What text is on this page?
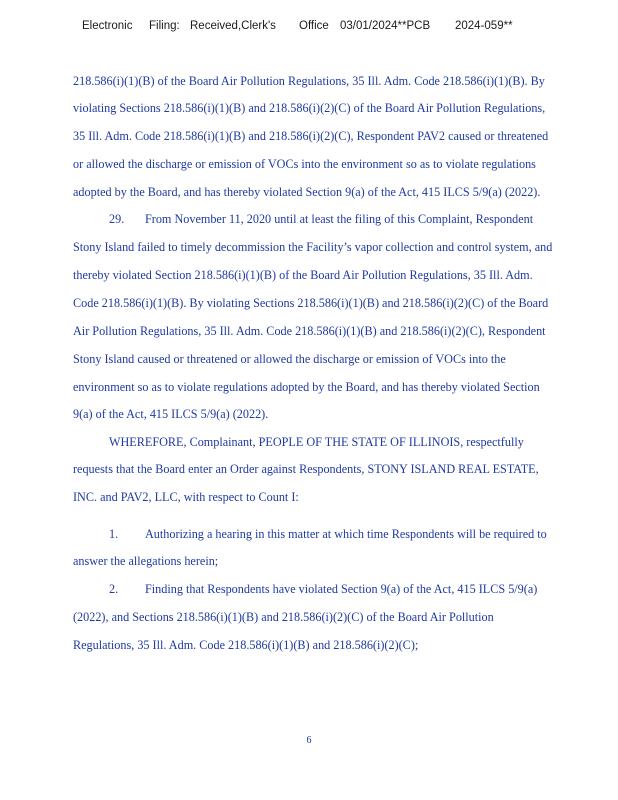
Electronic Filing: Received,Clerk's Office 03/01/2024**PCB 2024-059**
218.586(i)(1)(B) of the Board Air Pollution Regulations, 35 Ill. Adm. Code 218.586(i)(1)(B). By
violating Sections 218.586(i)(1)(B) and 218.586(i)(2)(C) of the Board Air Pollution Regulations,
35 Ill. Adm. Code 218.586(i)(1)(B) and 218.586(i)(2)(C), Respondent PAV2 caused or threatened
or allowed the discharge or emission of VOCs into the environment so as to violate regulations
adopted by the Board, and has thereby violated Section 9(a) of the Act, 415 ILCS 5/9(a) (2022).
29. From November 11, 2020 until at least the filing of this Complaint, Respondent
Stony Island failed to timely decommission the Facility’s vapor collection and control system, and
thereby violated Section 218.586(i)(1)(B) of the Board Air Pollution Regulations, 35 Ill. Adm.
Code 218.586(i)(1)(B). By violating Sections 218.586(i)(1)(B) and 218.586(i)(2)(C) of the Board
Air Pollution Regulations, 35 Ill. Adm. Code 218.586(i)(1)(B) and 218.586(i)(2)(C), Respondent
Stony Island caused or threatened or allowed the discharge or emission of VOCs into the
environment so as to violate regulations adopted by the Board, and has thereby violated Section
9(a) of the Act, 415 ILCS 5/9(a) (2022).
WHEREFORE, Complainant, PEOPLE OF THE STATE OF ILLINOIS, respectfully
requests that the Board enter an Order against Respondents, STONY ISLAND REAL ESTATE,
INC. and PAV2, LLC, with respect to Count I:
1. Authorizing a hearing in this matter at which time Respondents will be required to
answer the allegations herein;
2. Finding that Respondents have violated Section 9(a) of the Act, 415 ILCS 5/9(a)
(2022), and Sections 218.586(i)(1)(B) and 218.586(i)(2)(C) of the Board Air Pollution
Regulations, 35 Ill. Adm. Code 218.586(i)(1)(B) and 218.586(i)(2)(C);
6
